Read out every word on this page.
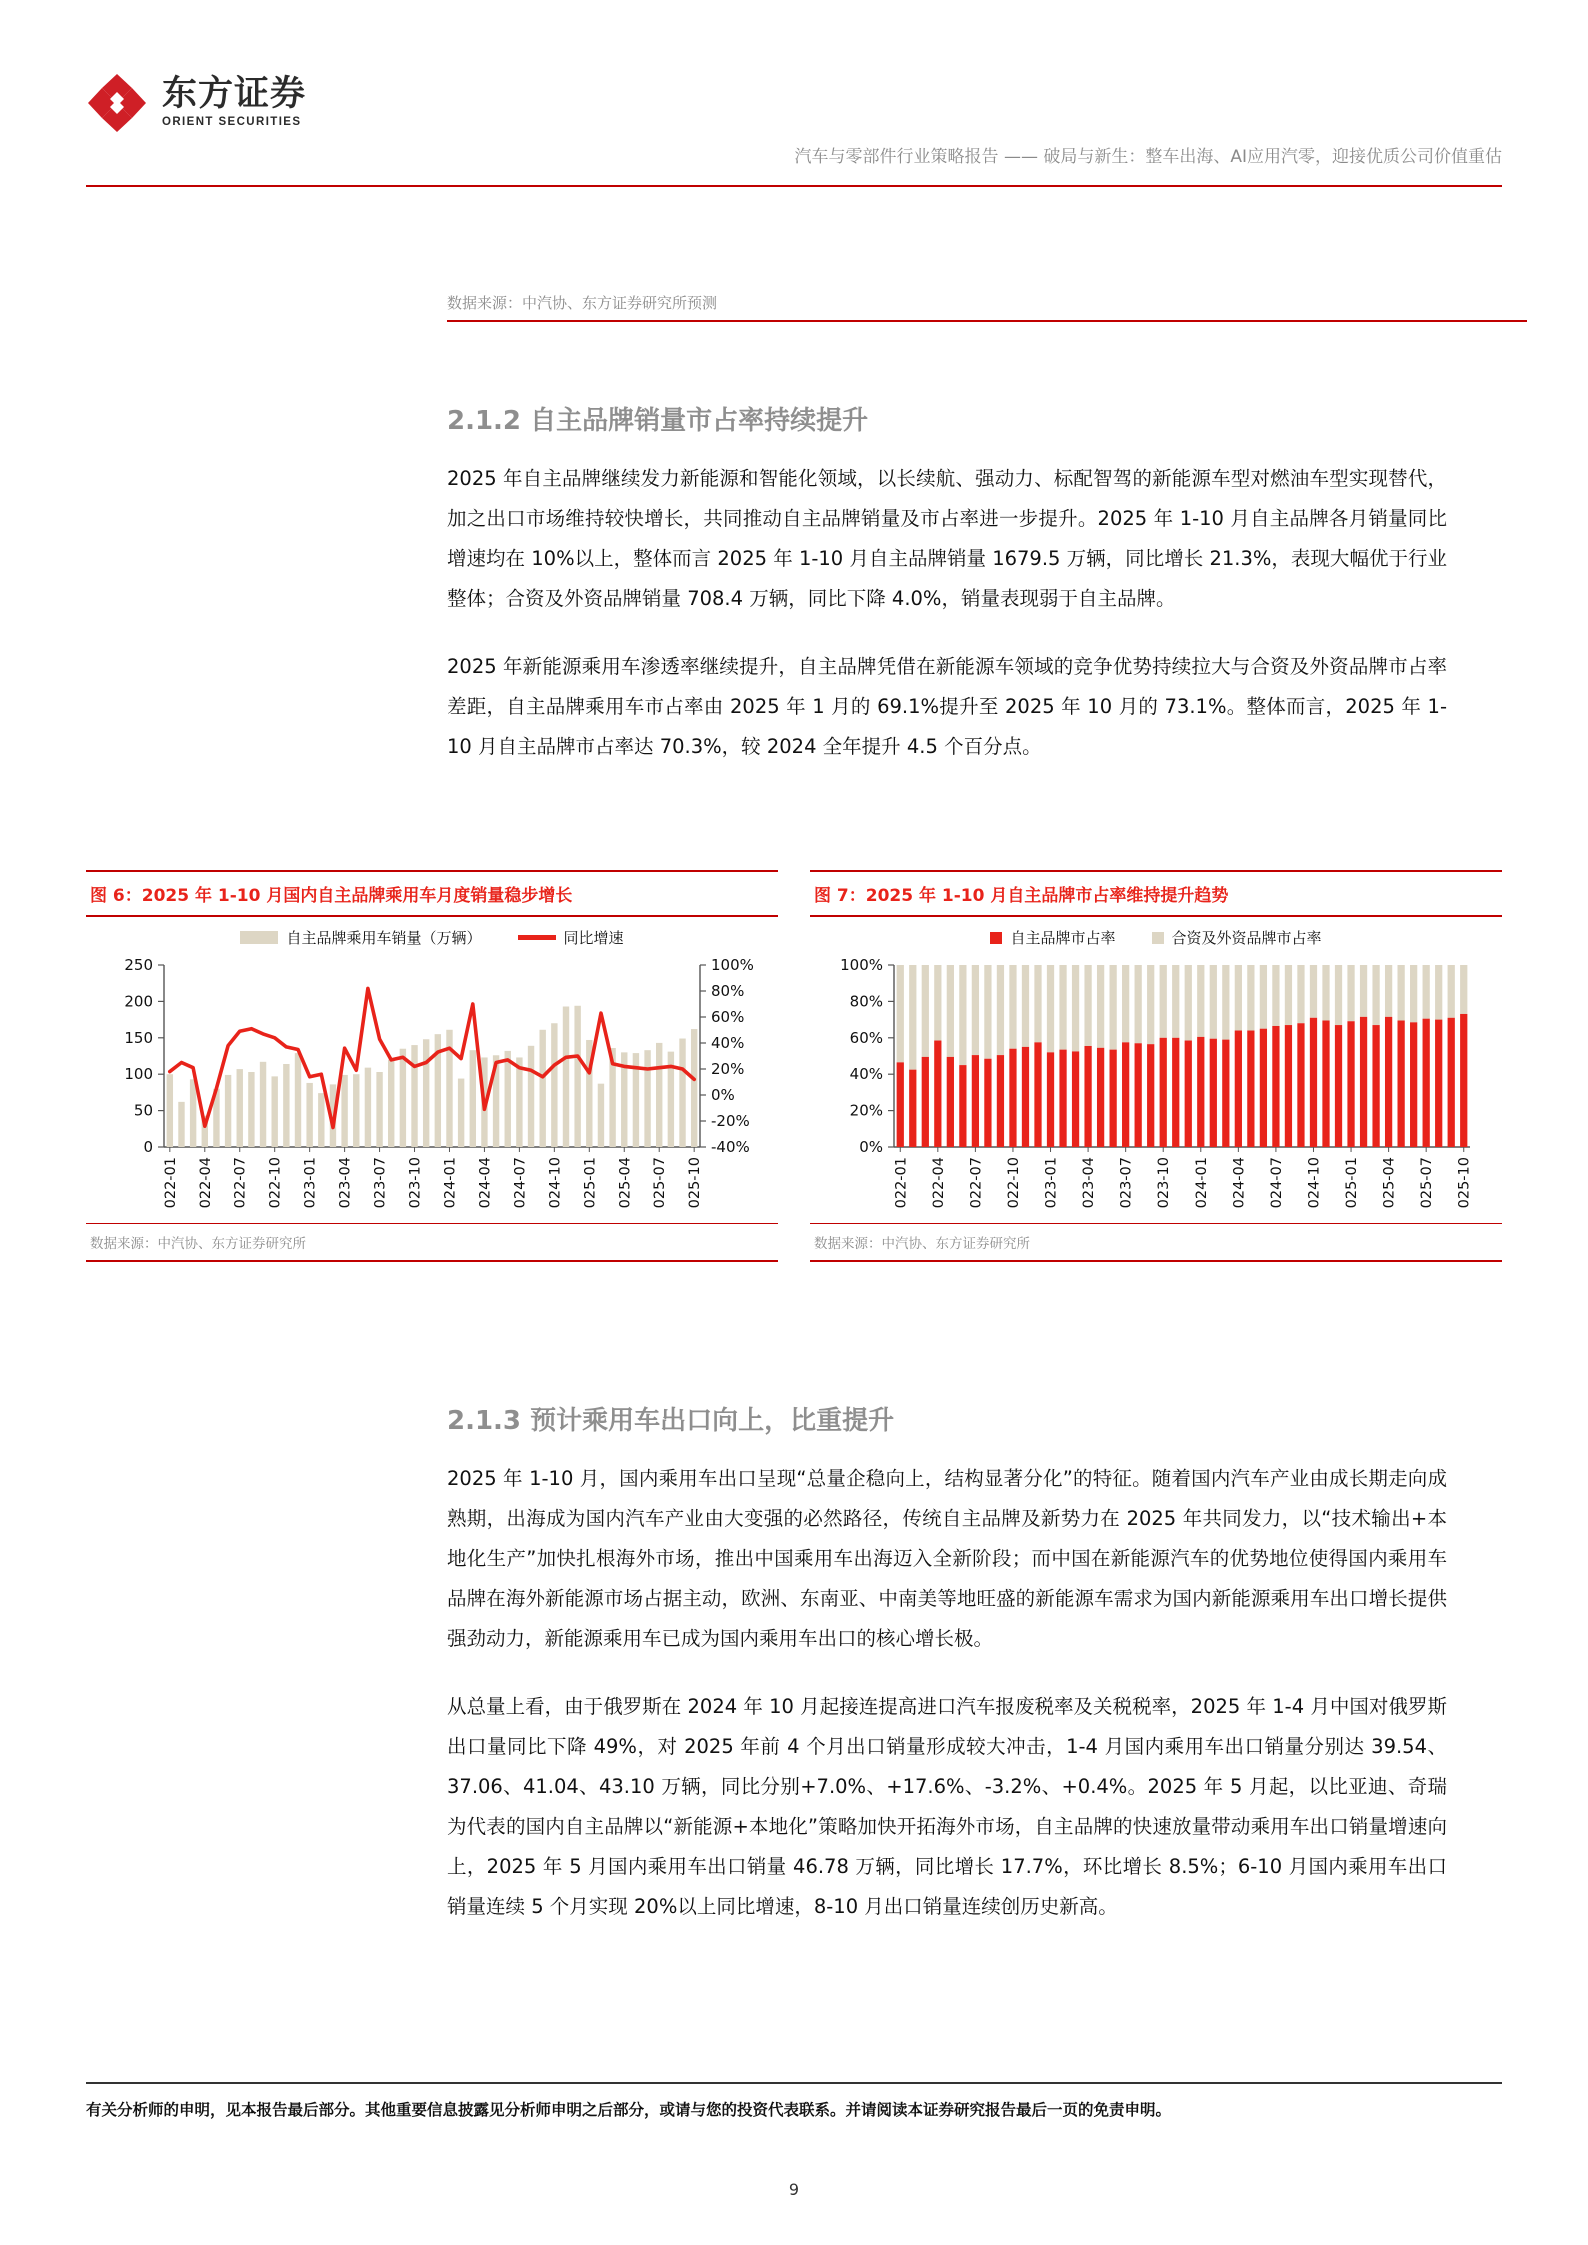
东方证券
ORIENT SECURITIES
汽车与零部件行业策略报告 —— 破局与新生：整车出海、AI应用汽零，迎接优质公司价值重估
数据来源：中汽协、东方证券研究所预测
2.1.2 自主品牌销量市占率持续提升

2025 年自主品牌继续发力新能源和智能化领域，以长续航、强动力、标配智驾的新能源车型对燃油车型实现替代，加之出口市场维持较快增长，共同推动自主品牌销量及市占率进一步提升。2025 年 1-10 月自主品牌各月销量同比增速均在 10%以上，整体而言 2025 年 1-10 月自主品牌销量 1679.5 万辆，同比增长 21.3%，表现大幅优于行业整体；合资及外资品牌销量 708.4 万辆，同比下降 4.0%，销量表现弱于自主品牌。

2025 年新能源乘用车渗透率继续提升，自主品牌凭借在新能源车领域的竞争优势持续拉大与合资及外资品牌市占率差距，自主品牌乘用车市占率由 2025 年 1 月的 69.1%提升至 2025 年 10 月的 73.1%。整体而言，2025 年 1-10 月自主品牌市占率达 70.3%，较 2024 全年提升 4.5 个百分点。

图 6：2025 年 1-10 月国内自主品牌乘用车月度销量稳步增长
自主品牌乘用车销量（万辆）	同比增速
0
50
100
150
200
250
-40%
-20%
0%
20%
40%
60%
80%
100%
2022-01 2022-04 2022-07 2022-10 2023-01 2023-04 2023-07 2023-10 2024-01 2024-04 2024-07 2024-10 2025-01 2025-04 2025-07 2025-10
数据来源：中汽协、东方证券研究所
图 7：2025 年 1-10 月自主品牌市占率维持提升趋势
自主品牌市占率	合资及外资品牌市占率
0%
20%
40%
60%
80%
100%
2022-01 2022-04 2022-07 2022-10 2023-01 2023-04 2023-07 2023-10 2024-01 2024-04 2024-07 2024-10 2025-01 2025-04 2025-07 2025-10
数据来源：中汽协、东方证券研究所
2.1.3 预计乘用车出口向上，比重提升

2025 年 1-10 月，国内乘用车出口呈现“总量企稳向上，结构显著分化”的特征。随着国内汽车产业由成长期走向成熟期，出海成为国内汽车产业由大变强的必然路径，传统自主品牌及新势力在 2025 年共同发力，以“技术输出+本地化生产”加快扎根海外市场，推出中国乘用车出海迈入全新阶段；而中国在新能源汽车的优势地位使得国内乘用车品牌在海外新能源市场占据主动，欧洲、东南亚、中南美等地旺盛的新能源车需求为国内新能源乘用车出口增长提供强劲动力，新能源乘用车已成为国内乘用车出口的核心增长极。

从总量上看，由于俄罗斯在 2024 年 10 月起接连提高进口汽车报废税率及关税税率，2025 年 1-4 月中国对俄罗斯出口量同比下降 49%，对 2025 年前 4 个月出口销量形成较大冲击，1-4 月国内乘用车出口销量分别达 39.54、37.06、41.04、43.10 万辆，同比分别+7.0%、+17.6%、-3.2%、+0.4%。2025 年 5 月起，以比亚迪、奇瑞为代表的国内自主品牌以“新能源+本地化”策略加快开拓海外市场，自主品牌的快速放量带动乘用车出口销量增速向上，2025 年 5 月国内乘用车出口销量 46.78 万辆，同比增长 17.7%，环比增长 8.5%；6-10 月国内乘用车出口销量连续 5 个月实现 20%以上同比增速，8-10 月出口销量连续创历史新高。

有关分析师的申明，见本报告最后部分。其他重要信息披露见分析师申明之后部分，或请与您的投资代表联系。并请阅读本证券研究报告最后一页的免责申明。
9
